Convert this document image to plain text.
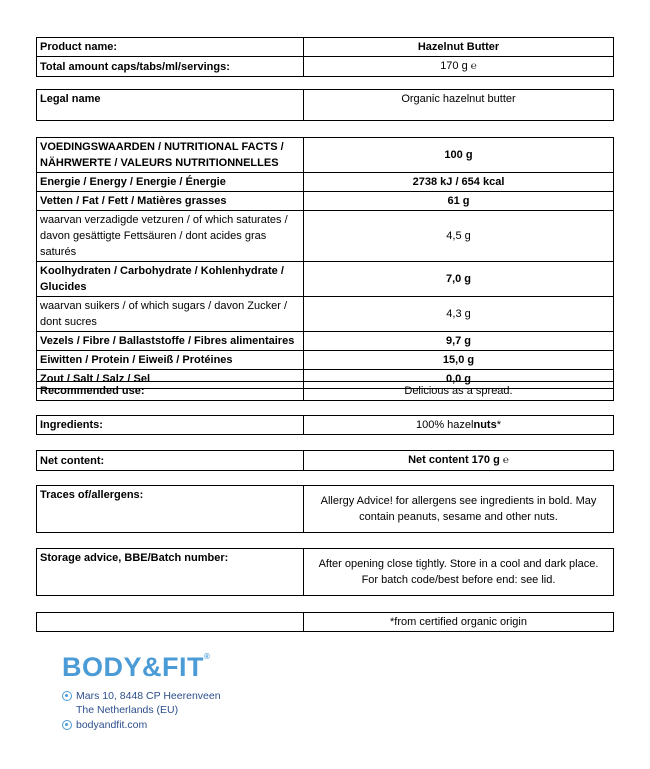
Product name:	Hazelnut Butter
Total amount caps/tabs/ml/servings:	170 g ℮
Legal name	Organic hazelnut butter
VOEDINGSWAARDEN / NUTRITIONAL FACTS / NÄHRWERTE / VALEURS NUTRITIONNELLES	100 g
Energie / Energy / Energie / Énergie	2738 kJ / 654 kcal
Vetten / Fat / Fett / Matières grasses	61 g
waarvan verzadigde vetzuren / of which saturates / davon gesättigte Fettsäuren / dont acides gras saturés	4,5 g
Koolhydraten / Carbohydrate / Kohlenhydrate / Glucides	7,0 g
waarvan suikers / of which sugars / davon Zucker / dont sucres	4,3 g
Vezels / Fibre / Ballaststoffe / Fibres alimentaires	9,7 g
Eiwitten / Protein / Eiweiß / Protéines	15,0 g
Zout / Salt / Salz / Sel	0,0 g
Recommended use:	Delicious as a spread.
Ingredients:	100% hazelnuts*
Net content:	Net content 170 g ℮
Traces of/allergens:	Allergy Advice! for allergens see ingredients in bold. May contain peanuts, sesame and other nuts.
Storage advice, BBE/Batch number:	After opening close tightly. Store in a cool and dark place. For batch code/best before end: see lid.
	*from certified organic origin
BODY&FIT®
Mars 10, 8448 CP Heerenveen
The Netherlands (EU)
bodyandfit.com
